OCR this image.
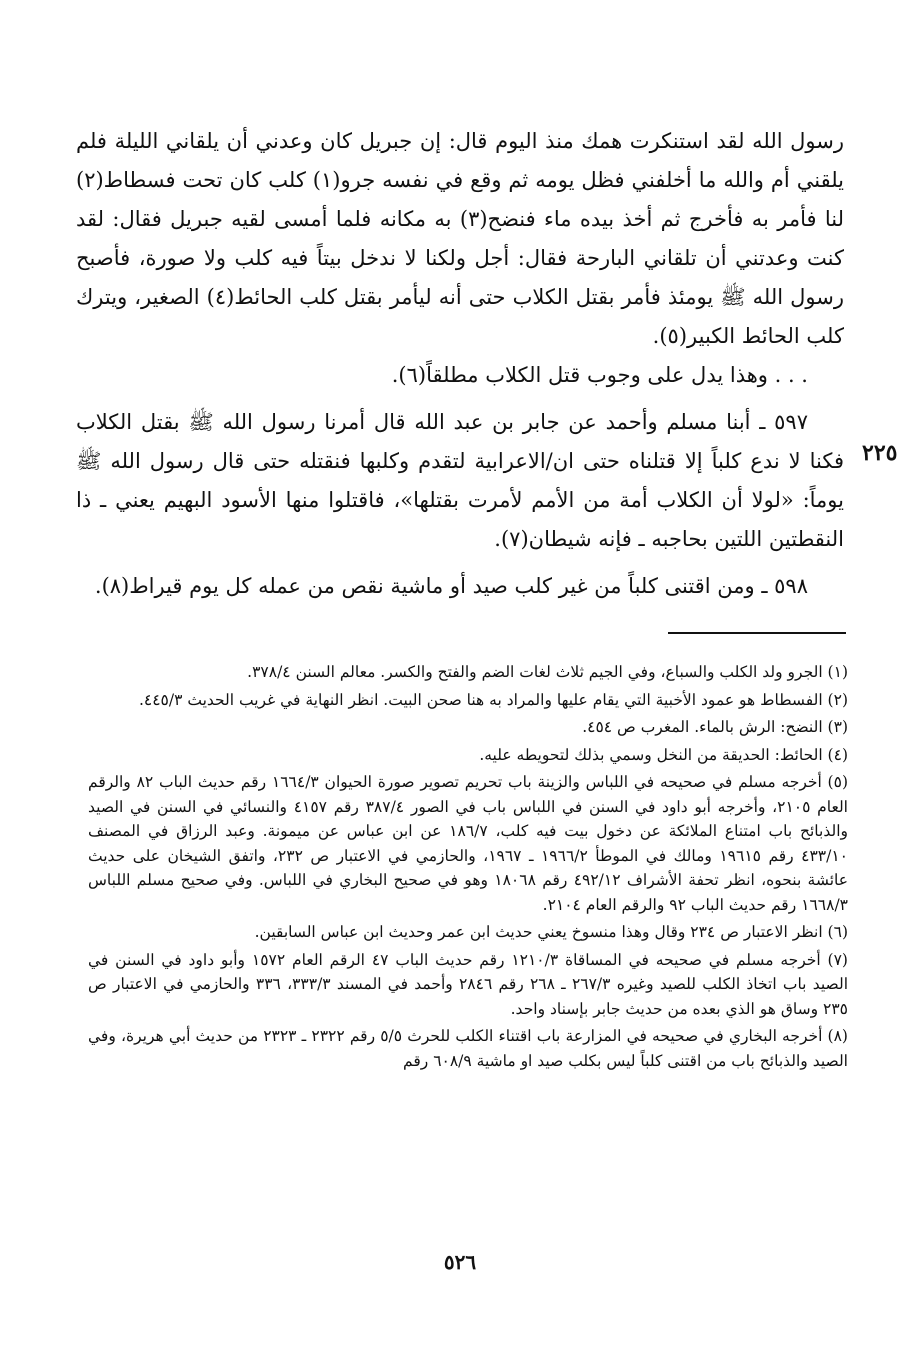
رسول الله لقد استنكرت همك منذ اليوم قال: إن جبريل كان وعدني أن يلقاني الليلة فلم يلقني أم والله ما أخلفني فظل يومه ثم وقع في نفسه جرو(١) كلب كان تحت فسطاط(٢) لنا فأمر به فأخرج ثم أخذ بيده ماء فنضح(٣) به مكانه فلما أمسى لقيه جبريل فقال: لقد كنت وعدتني أن تلقاني البارحة فقال: أجل ولكنا لا ندخل بيتاً فيه كلب ولا صورة، فأصبح رسول الله ﷺ يومئذ فأمر بقتل الكلاب حتى أنه ليأمر بقتل كلب الحائط(٤) الصغير، ويترك كلب الحائط الكبير(٥).

. . . وهذا يدل على وجوب قتل الكلاب مطلقاً(٦).

٥٩٧ ـ أبنا مسلم وأحمد عن جابر بن عبد الله قال أمرنا رسول الله ﷺ بقتل الكلاب فكنا لا ندع كلباً إلا قتلناه حتى ان/الاعرابية لتقدم وكلبها فنقتله حتى قال رسول الله ﷺ يوماً: «لولا أن الكلاب أمة من الأمم لأمرت بقتلها»، فاقتلوا منها الأسود البهيم يعني ـ ذا النقطتين اللتين بحاجبه ـ فإنه شيطان(٧).

٥٩٨ ـ ومن اقتنى كلباً من غير كلب صيد أو ماشية نقص من عمله كل يوم قيراط(٨).

٢٢٥

(١) الجرو ولد الكلب والسباع، وفي الجيم ثلاث لغات الضم والفتح والكسر. معالم السنن ٣٧٨/٤.

(٢) الفسطاط هو عمود الأخبية التي يقام عليها والمراد به هنا صحن البيت. انظر النهاية في غريب الحديث ٤٤٥/٣.

(٣) النضح: الرش بالماء. المغرب ص ٤٥٤.

(٤) الحائط: الحديقة من النخل وسمي بذلك لتحويطه عليه.

(٥) أخرجه مسلم في صحيحه في اللباس والزينة باب تحريم تصوير صورة الحيوان ١٦٦٤/٣ رقم حديث الباب ٨٢ والرقم العام ٢١٠٥، وأخرجه أبو داود في السنن في اللباس باب في الصور ٣٨٧/٤ رقم ٤١٥٧ والنسائي في السنن في الصيد والذبائح باب امتناع الملائكة عن دخول بيت فيه كلب، ١٨٦/٧ عن ابن عباس عن ميمونة. وعبد الرزاق في المصنف ٤٣٣/١٠ رقم ١٩٦١٥ ومالك في الموطأ ١٩٦٦/٢ ـ ١٩٦٧، والحازمي في الاعتبار ص ٢٣٢، واتفق الشيخان على حديث عائشة بنحوه، انظر تحفة الأشراف ٤٩٢/١٢ رقم ١٨٠٦٨ وهو في صحيح البخاري في اللباس. وفي صحيح مسلم اللباس ١٦٦٨/٣ رقم حديث الباب ٩٢ والرقم العام ٢١٠٤.

(٦) انظر الاعتبار ص ٢٣٤ وقال وهذا منسوخ يعني حديث ابن عمر وحديث ابن عباس السابقين.

(٧) أخرجه مسلم في صحيحه في المساقاة ١٢١٠/٣ رقم حديث الباب ٤٧ الرقم العام ١٥٧٢ وأبو داود في السنن في الصيد باب اتخاذ الكلب للصيد وغيره ٢٦٧/٣ ـ ٢٦٨ رقم ٢٨٤٦ وأحمد في المسند ٣٣٣/٣، ٣٣٦ والحازمي في الاعتبار ص ٢٣٥ وساق هو الذي بعده من حديث جابر بإسناد واحد.

(٨) أخرجه البخاري في صحيحه في المزارعة باب اقتناء الكلب للحرث ٥/٥ رقم ٢٣٢٢ ـ ٢٣٢٣ من حديث أبي هريرة، وفي الصيد والذبائح باب من اقتنى كلباً ليس بكلب صيد او ماشية ٦٠٨/٩ رقم

٥٢٦
